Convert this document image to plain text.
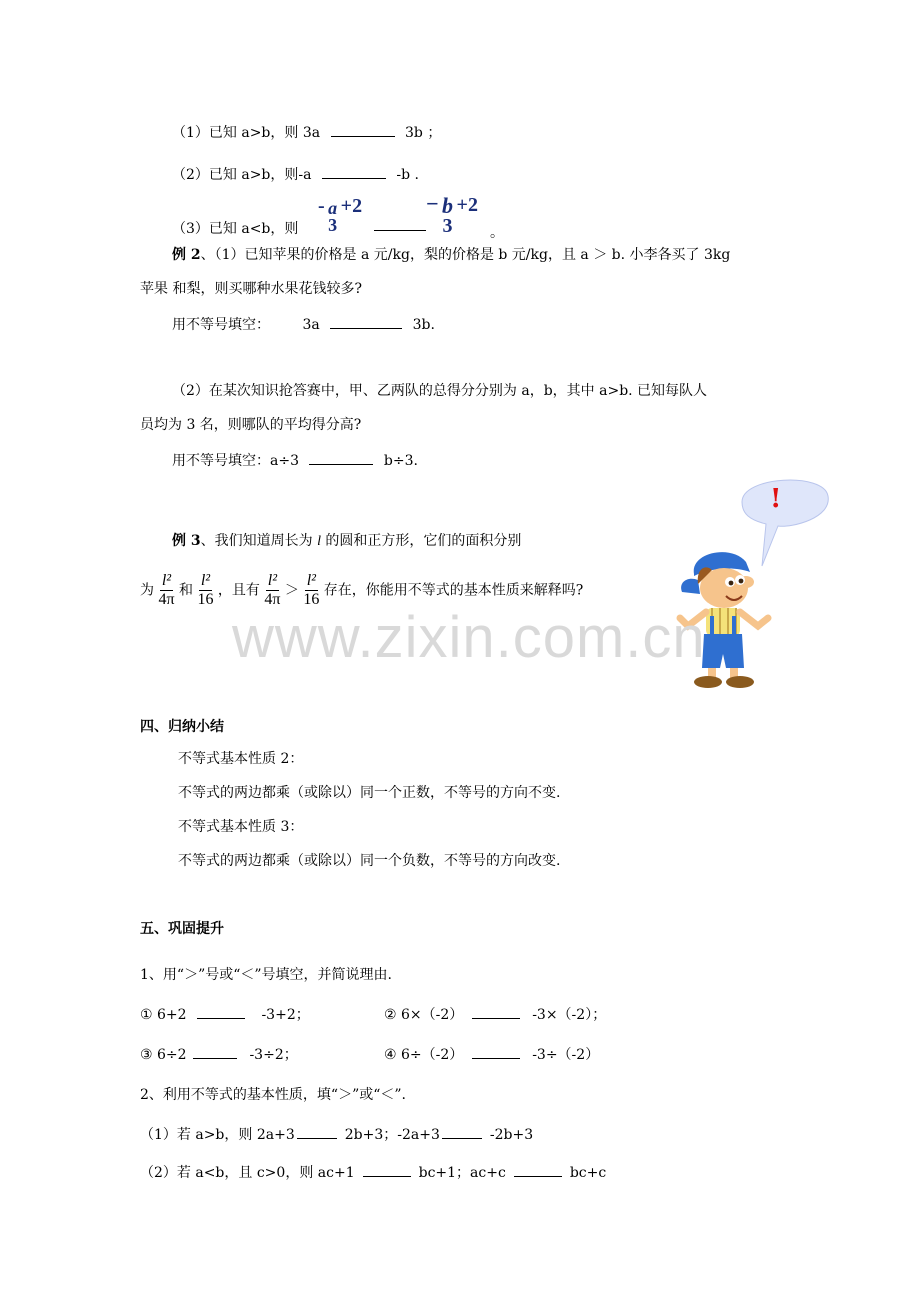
（1）已知 a>b，则 3a	3b ；
（2）已知 a>b，则-a	-b .
（3）已知 a<b，则
- a
3
+2	− b
3
+2
。
例 2、（1）已知苹果的价格是 a 元/kg，梨的价格是 b 元/kg，且 a ＞ b. 小李各买了 3kg
苹果 和梨，则买哪种水果花钱较多?
用不等号填空： 3a	3b.
（2）在某次知识抢答赛中，甲、乙两队的总得分分别为 a，b，其中 a>b. 已知每队人
员均为 3 名，则哪队的平均得分高?
用不等号填空：a÷3	b÷3.
例 3、我们知道周长为 l 的圆和正方形，它们的面积分别
为 $\frac{\text{l²}}{4\pi}$ 和 $\frac{\text{l²}}{16}$ ，且有 $\frac{\text{l²}}{4\pi} > \frac{\text{l²}}{16}$ 存在，你能用不等式的基本性质来解释吗?
!
www.zixin.com.cn
四、归纳小结
不等式基本性质 2：
不等式的两边都乘（或除以）同一个正数，不等号的方向不变.
不等式基本性质 3：
不等式的两边都乘（或除以）同一个负数，不等号的方向改变.
五、巩固提升
1、用“＞”号或“＜”号填空，并简说理由.
① 6+2	-3+2；	② 6×（-2）	-3×（-2）；
③ 6÷2	-3÷2；	④ 6÷（-2）	-3÷（-2）
2、利用不等式的基本性质，填“＞”或“＜”.
（1）若 a>b，则 2a+3	2b+3；-2a+3	-2b+3
（2）若 a<b，且 c>0，则 ac+1	bc+1；ac+c	bc+c
